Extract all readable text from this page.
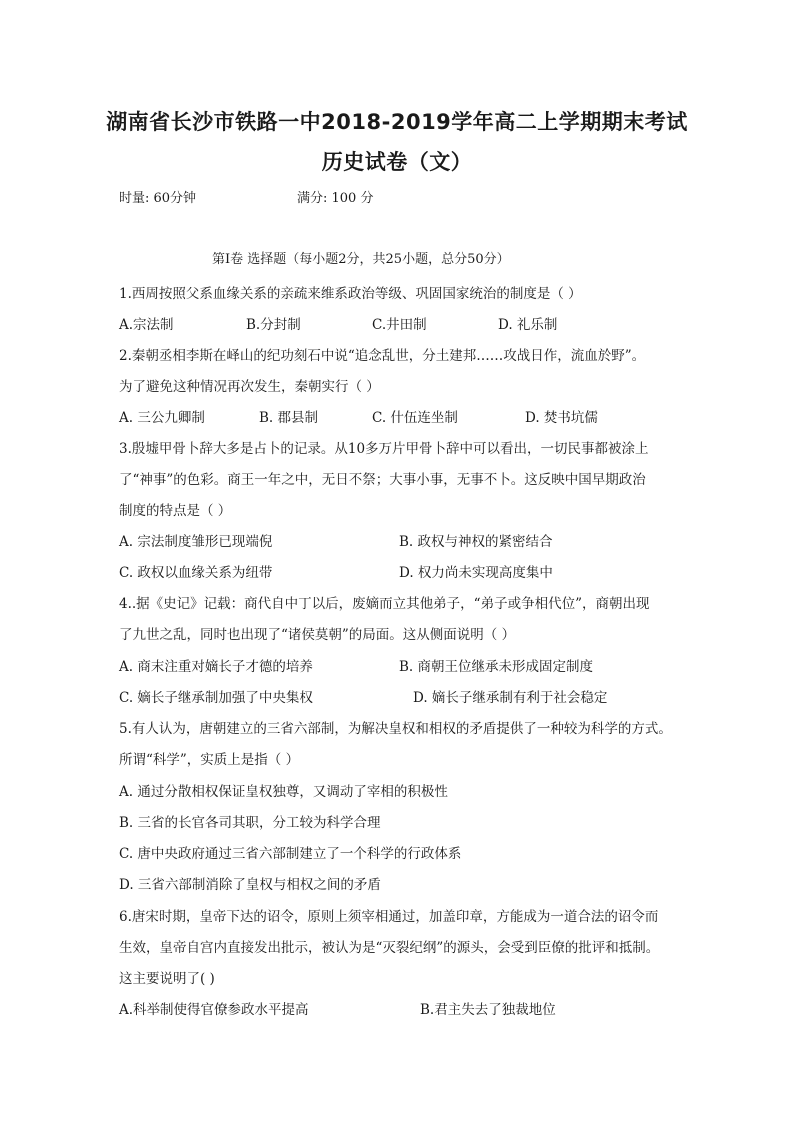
湖南省长沙市铁路一中2018-2019学年高二上学期期末考试
历史试卷（文）
时量: 60分钟	满分: 100 分
第Ⅰ卷 选择题（每小题2分，共25小题，总分50分）
1.西周按照父系血缘关系的亲疏来维系政治等级、巩固国家统治的制度是（ ）
A.宗法制	B.分封制	C.井田制	D. 礼乐制
2.秦朝丞相李斯在峄山的纪功刻石中说“追念乱世，分土建邦……攻战日作，流血於野”。
为了避免这种情况再次发生，秦朝实行（ ）
A. 三公九卿制	B. 郡县制	C. 什伍连坐制	D. 焚书坑儒
3.殷墟甲骨卜辞大多是占卜的记录。从10多万片甲骨卜辞中可以看出，一切民事都被涂上
了“神事”的色彩。商王一年之中，无日不祭；大事小事，无事不卜。这反映中国早期政治
制度的特点是（ ）
A. 宗法制度雏形已现端倪	B. 政权与神权的紧密结合
C. 政权以血缘关系为纽带	D. 权力尚未实现高度集中
4..据《史记》记载：商代自中丁以后，废嫡而立其他弟子，“弟子或争相代位”，商朝出现
了九世之乱，同时也出现了“诸侯莫朝”的局面。这从侧面说明（ ）
A. 商末注重对嫡长子才德的培养	B. 商朝王位继承未形成固定制度
C. 嫡长子继承制加强了中央集权	D. 嫡长子继承制有利于社会稳定
5.有人认为，唐朝建立的三省六部制，为解决皇权和相权的矛盾提供了一种较为科学的方式。
所谓“科学”，实质上是指（ ）
A. 通过分散相权保证皇权独尊，又调动了宰相的积极性
B. 三省的长官各司其职，分工较为科学合理
C. 唐中央政府通过三省六部制建立了一个科学的行政体系
D. 三省六部制消除了皇权与相权之间的矛盾
6.唐宋时期，皇帝下达的诏令，原则上须宰相通过，加盖印章，方能成为一道合法的诏令而
生效，皇帝自宫内直接发出批示，被认为是“灭裂纪纲”的源头，会受到臣僚的批评和抵制。
这主要说明了( )
A.科举制使得官僚参政水平提高	B.君主失去了独裁地位
